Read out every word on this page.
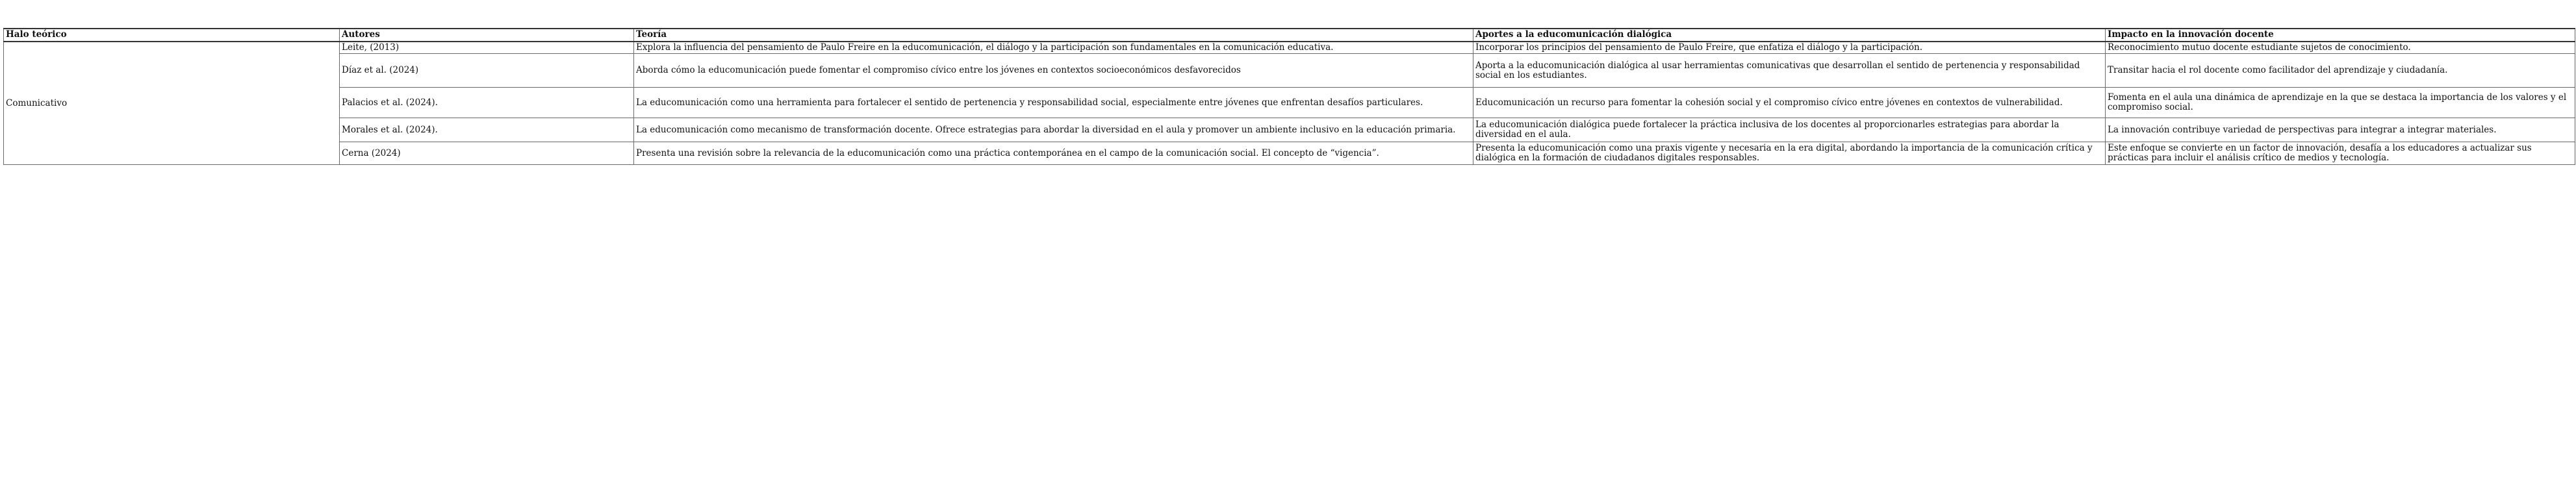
Halo teórico	Autores	Teoría	Aportes a la educomunicación dialógica	Impacto en la innovación docente
Comunicativo	Leite, (2013)	Explora la influencia del pensamiento de Paulo Freire en la educomunicación, el diálogo y la participación son fundamentales en la comunicación educativa.	Incorporar los principios del pensamiento de Paulo Freire, que enfatiza el diálogo y la participación.	Reconocimiento mutuo docente estudiante sujetos de conocimiento.
	Díaz et al. (2024)	Aborda cómo la educomunicación puede fomentar el compromiso cívico entre los jóvenes en contextos socioeconómicos desfavorecidos	Aporta a la educomunicación dialógica al usar herramientas comunicativas que desarrollan el sentido de pertenencia y responsabilidad social en los estudiantes.	Transitar hacia el rol docente como facilitador del aprendizaje y ciudadanía.
	Palacios et al. (2024).	La educomunicación como una herramienta para fortalecer el sentido de pertenencia y responsabilidad social, especialmente entre jóvenes que enfrentan desafíos particulares.	Educomunicación un recurso para fomentar la cohesión social y el compromiso cívico entre jóvenes en contextos de vulnerabilidad.	Fomenta en el aula una dinámica de aprendizaje en la que se destaca la importancia de los valores y el compromiso social.
	Morales et al. (2024).	La educomunicación como mecanismo de transformación docente. Ofrece estrategias para abordar la diversidad en el aula y promover un ambiente inclusivo en la educación primaria.	La educomunicación dialógica puede fortalecer la práctica inclusiva de los docentes al proporcionarles estrategias para abordar la diversidad en el aula.	La innovación contribuye variedad de perspectivas para integrar a integrar materiales.
	Cerna (2024)	Presenta una revisión sobre la relevancia de la educomunicación como una práctica contemporánea en el campo de la comunicación social. El concepto de “vigencia”.	Presenta la educomunicación como una praxis vigente y necesaria en la era digital, abordando la importancia de la comunicación crítica y dialógica en la formación de ciudadanos digitales responsables.	Este enfoque se convierte en un factor de innovación, desafía a los educadores a actualizar sus prácticas para incluir el análisis crítico de medios y tecnología.
